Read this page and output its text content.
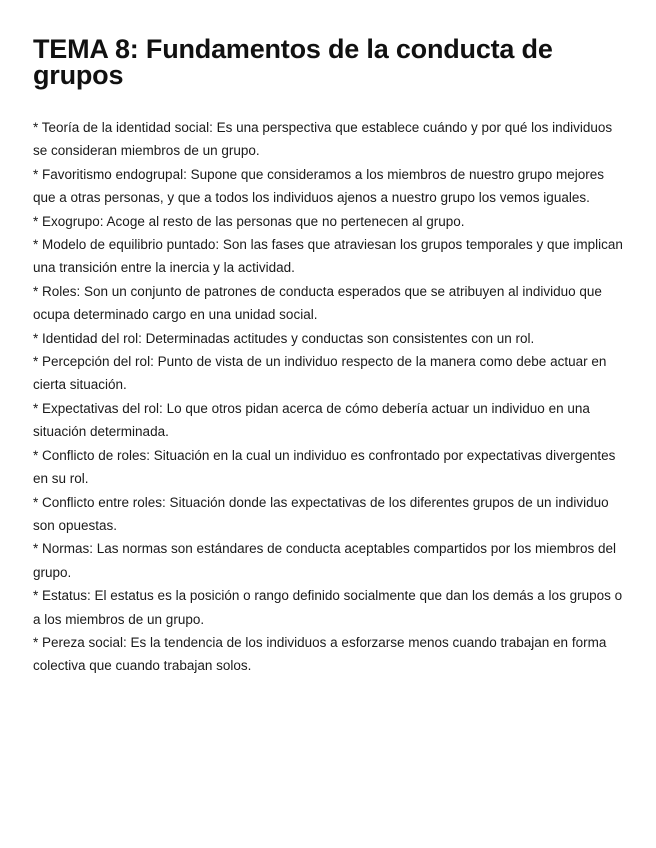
TEMA 8: Fundamentos de la conducta de grupos

* Teoría de la identidad social: Es una perspectiva que establece cuándo y por qué los individuos se consideran miembros de un grupo.

* Favoritismo endogrupal: Supone que consideramos a los miembros de nuestro grupo mejores que a otras personas, y que a todos los individuos ajenos a nuestro grupo los vemos iguales.

* Exogrupo: Acoge al resto de las personas que no pertenecen al grupo.

* Modelo de equilibrio puntado: Son las fases que atraviesan los grupos temporales y que implican una transición entre la inercia y la actividad.

* Roles: Son un conjunto de patrones de conducta esperados que se atribuyen al individuo que ocupa determinado cargo en una unidad social.

* Identidad del rol: Determinadas actitudes y conductas son consistentes con un rol.

* Percepción del rol: Punto de vista de un individuo respecto de la manera como debe actuar en cierta situación.

* Expectativas del rol: Lo que otros pidan acerca de cómo debería actuar un individuo en una situación determinada.

* Conflicto de roles: Situación en la cual un individuo es confrontado por expectativas divergentes en su rol.

* Conflicto entre roles: Situación donde las expectativas de los diferentes grupos de un individuo son opuestas.

* Normas: Las normas son estándares de conducta aceptables compartidos por los miembros del grupo.

* Estatus: El estatus es la posición o rango definido socialmente que dan los demás a los grupos o a los miembros de un grupo.

* Pereza social: Es la tendencia de los individuos a esforzarse menos cuando trabajan en forma colectiva que cuando trabajan solos.
